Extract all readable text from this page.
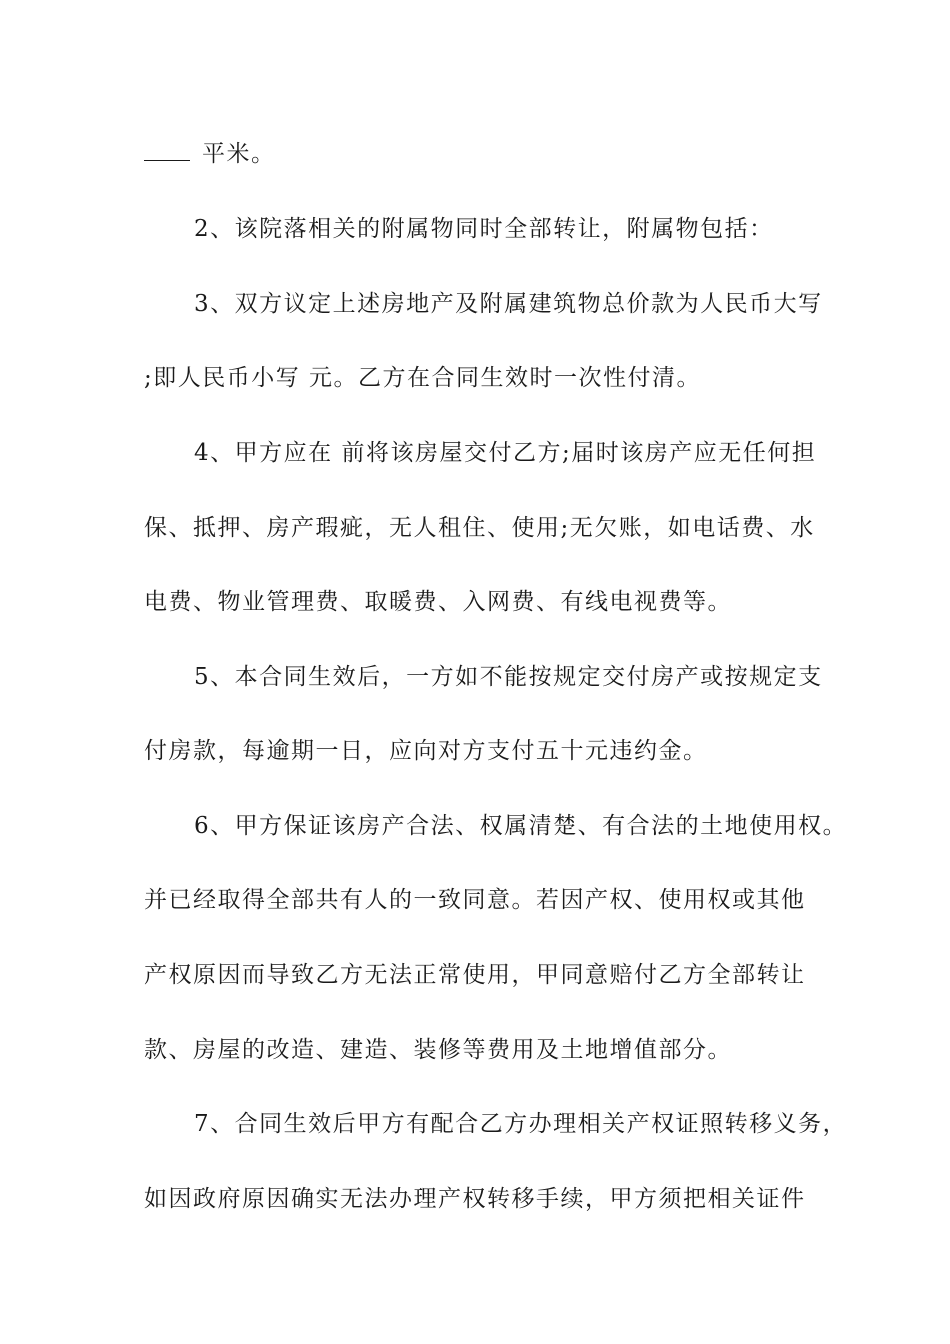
平米。
2、该院落相关的附属物同时全部转让，附属物包括：
3、双方议定上述房地产及附属建筑物总价款为人民币大写
;即人民币小写 元。乙方在合同生效时一次性付清。
4、甲方应在 前将该房屋交付乙方;届时该房产应无任何担
保、抵押、房产瑕疵，无人租住、使用;无欠账，如电话费、水
电费、物业管理费、取暖费、入网费、有线电视费等。
5、本合同生效后，一方如不能按规定交付房产或按规定支
付房款，每逾期一日，应向对方支付五十元违约金。
6、甲方保证该房产合法、权属清楚、有合法的土地使用权。
并已经取得全部共有人的一致同意。若因产权、使用权或其他
产权原因而导致乙方无法正常使用，甲同意赔付乙方全部转让
款、房屋的改造、建造、装修等费用及土地增值部分。
7、合同生效后甲方有配合乙方办理相关产权证照转移义务，
如因政府原因确实无法办理产权转移手续，甲方须把相关证件
